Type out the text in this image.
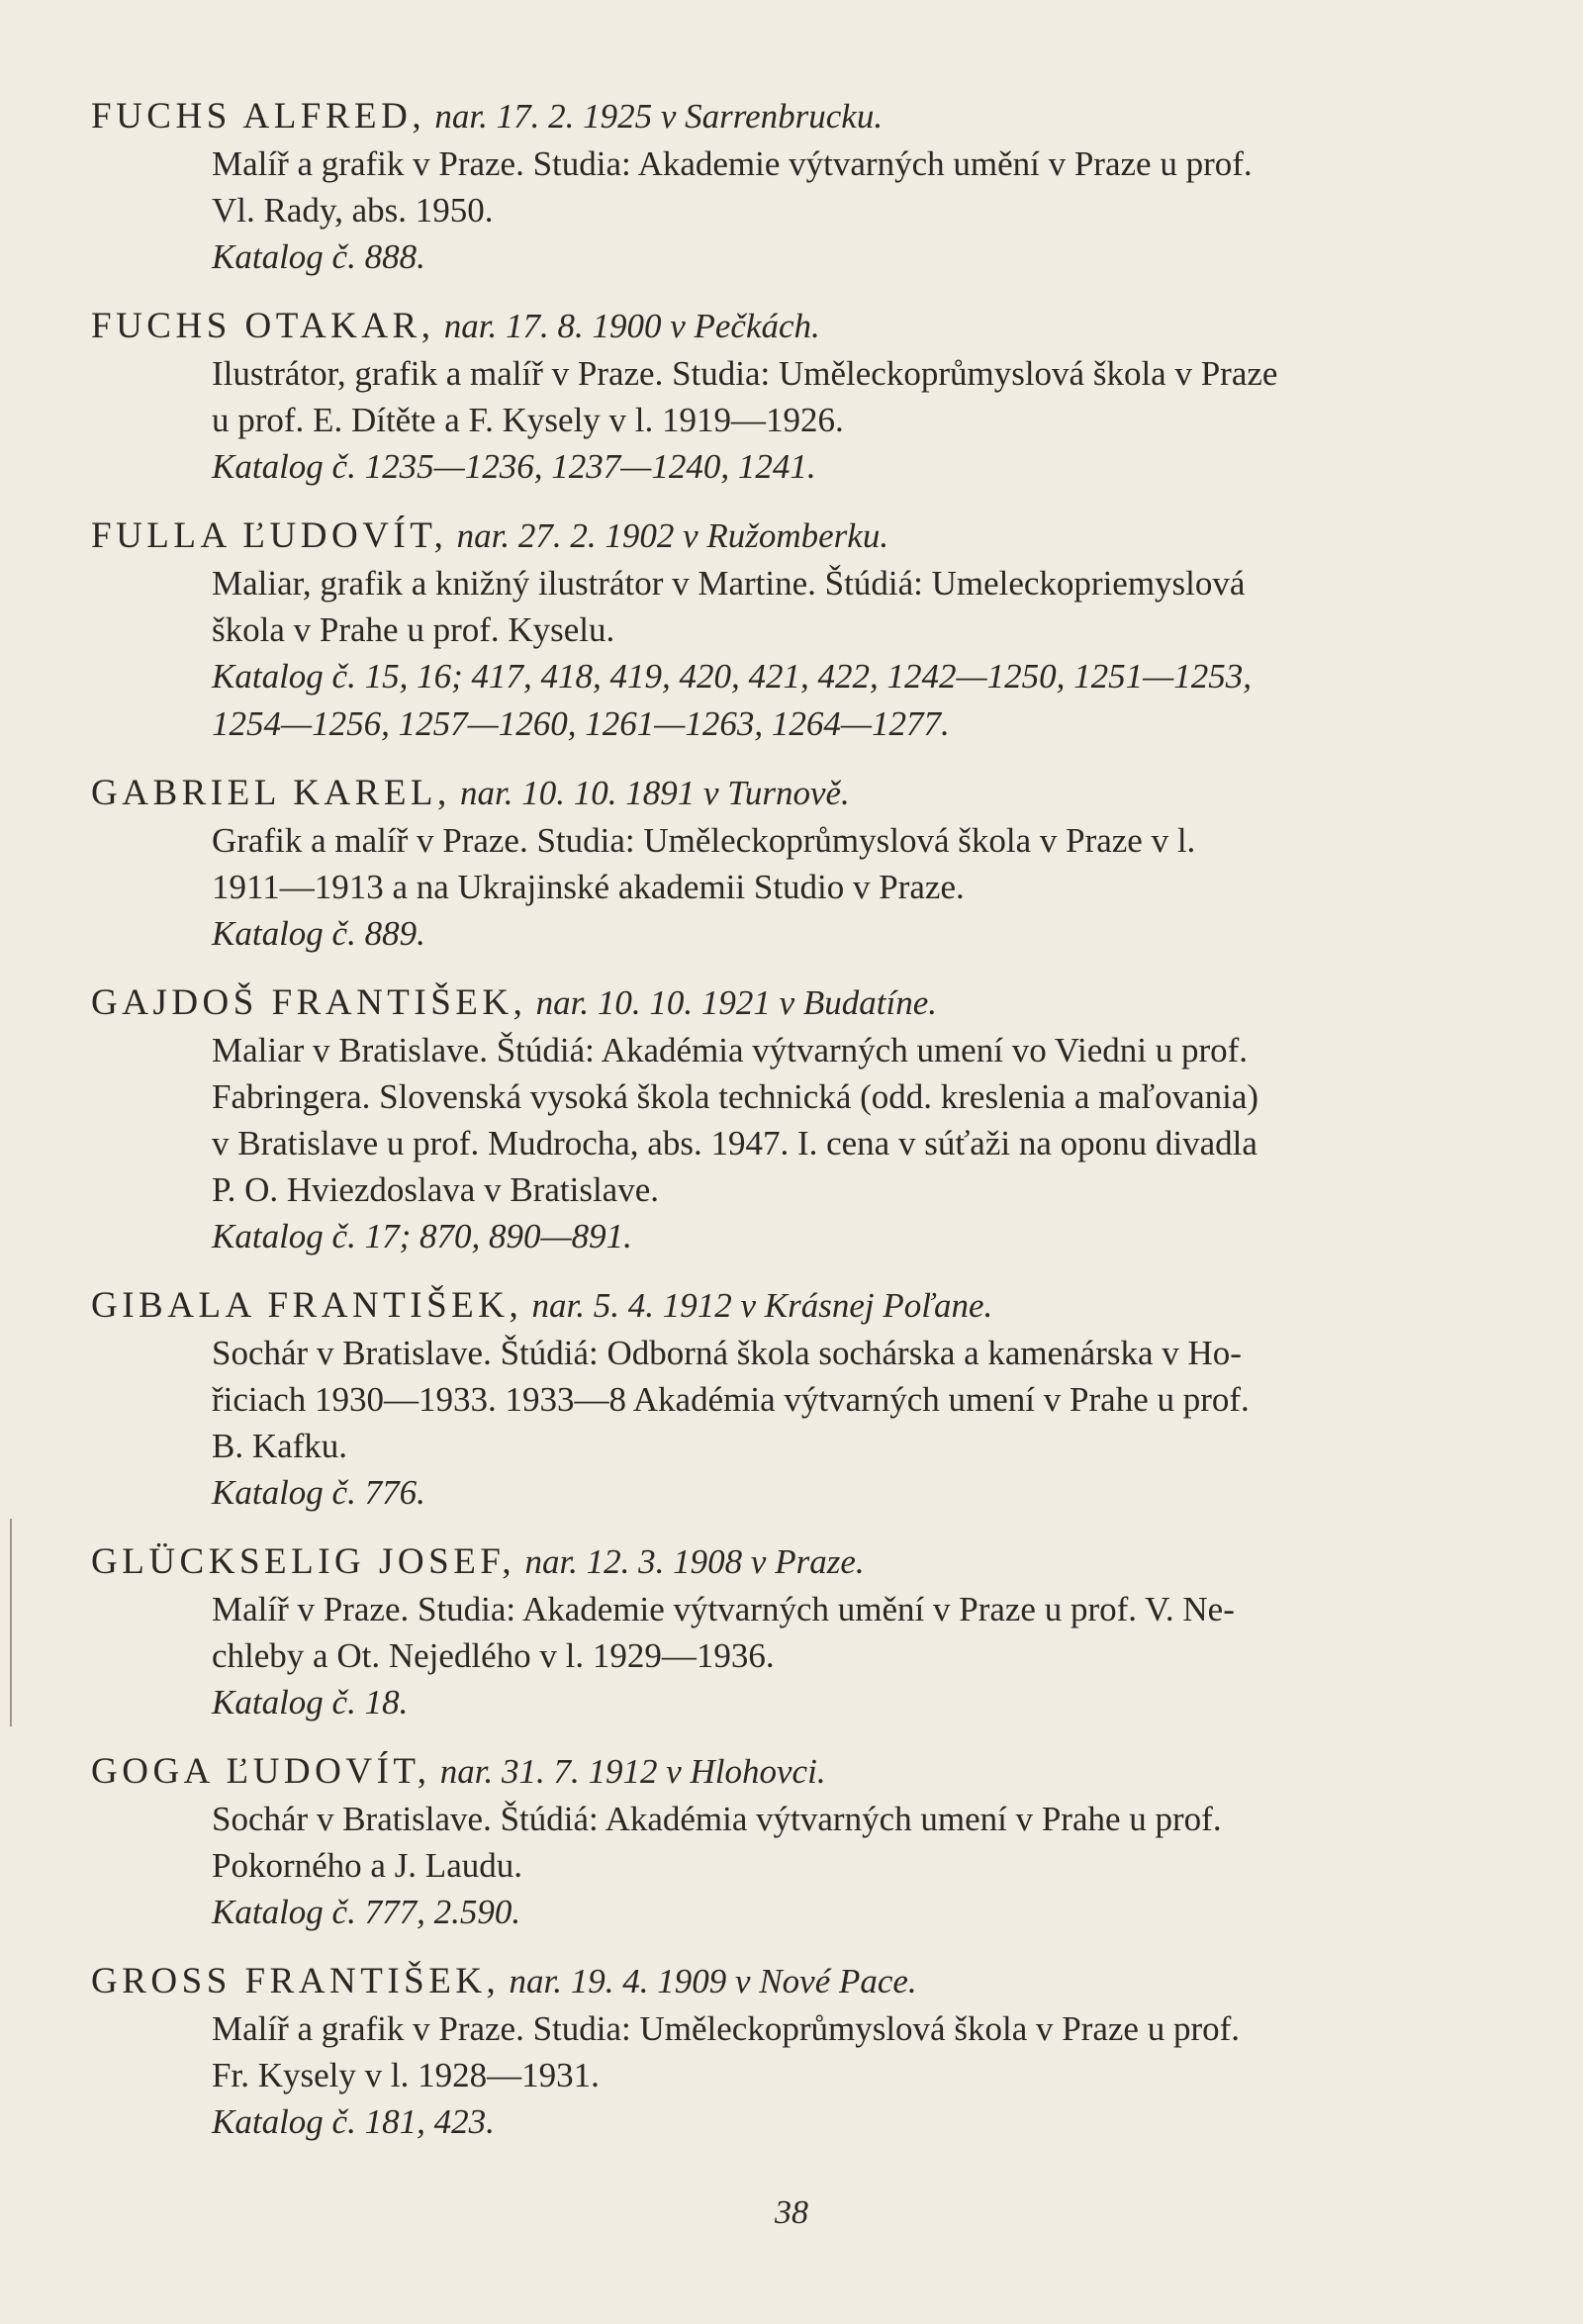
FUCHS ALFRED, nar. 17. 2. 1925 v Sarrenbrucku.
Malíř a grafik v Praze. Studia: Akademie výtvarných umění v Praze u prof.
Vl. Rady, abs. 1950.
Katalog č. 888.
FUCHS OTAKAR, nar. 17. 8. 1900 v Pečkách.
Ilustrátor, grafik a malíř v Praze. Studia: Uměleckoprůmyslová škola v Praze
u prof. E. Dítěte a F. Kysely v l. 1919—1926.
Katalog č. 1235—1236, 1237—1240, 1241.
FULLA ĽUDOVÍT, nar. 27. 2. 1902 v Ružomberku.
Maliar, grafik a knižný ilustrátor v Martine. Štúdiá: Umeleckopriemyslová
škola v Prahe u prof. Kyselu.
Katalog č. 15, 16; 417, 418, 419, 420, 421, 422, 1242—1250, 1251—1253,
1254—1256, 1257—1260, 1261—1263, 1264—1277.
GABRIEL KAREL, nar. 10. 10. 1891 v Turnově.
Grafik a malíř v Praze. Studia: Uměleckoprůmyslová škola v Praze v l.
1911—1913 a na Ukrajinské akademii Studio v Praze.
Katalog č. 889.
GAJDOŠ FRANTIŠEK, nar. 10. 10. 1921 v Budatíne.
Maliar v Bratislave. Štúdiá: Akadémia výtvarných umení vo Viedni u prof.
Fabringera. Slovenská vysoká škola technická (odd. kreslenia a maľovania)
v Bratislave u prof. Mudrocha, abs. 1947. I. cena v súťaži na oponu divadla
P. O. Hviezdoslava v Bratislave.
Katalog č. 17; 870, 890—891.
GIBALA FRANTIŠEK, nar. 5. 4. 1912 v Krásnej Poľane.
Sochár v Bratislave. Štúdiá: Odborná škola sochárska a kamenárska v Ho-
řiciach 1930—1933. 1933—8 Akadémia výtvarných umení v Prahe u prof.
B. Kafku.
Katalog č. 776.
GLÜCKSELIG JOSEF, nar. 12. 3. 1908 v Praze.
Malíř v Praze. Studia: Akademie výtvarných umění v Praze u prof. V. Ne-
chleby a Ot. Nejedlého v l. 1929—1936.
Katalog č. 18.
GOGA ĽUDOVÍT, nar. 31. 7. 1912 v Hlohovci.
Sochár v Bratislave. Štúdiá: Akadémia výtvarných umení v Prahe u prof.
Pokorného a J. Laudu.
Katalog č. 777, 2.590.
GROSS FRANTIŠEK, nar. 19. 4. 1909 v Nové Pace.
Malíř a grafik v Praze. Studia: Uměleckoprůmyslová škola v Praze u prof.
Fr. Kysely v l. 1928—1931.
Katalog č. 181, 423.
38
